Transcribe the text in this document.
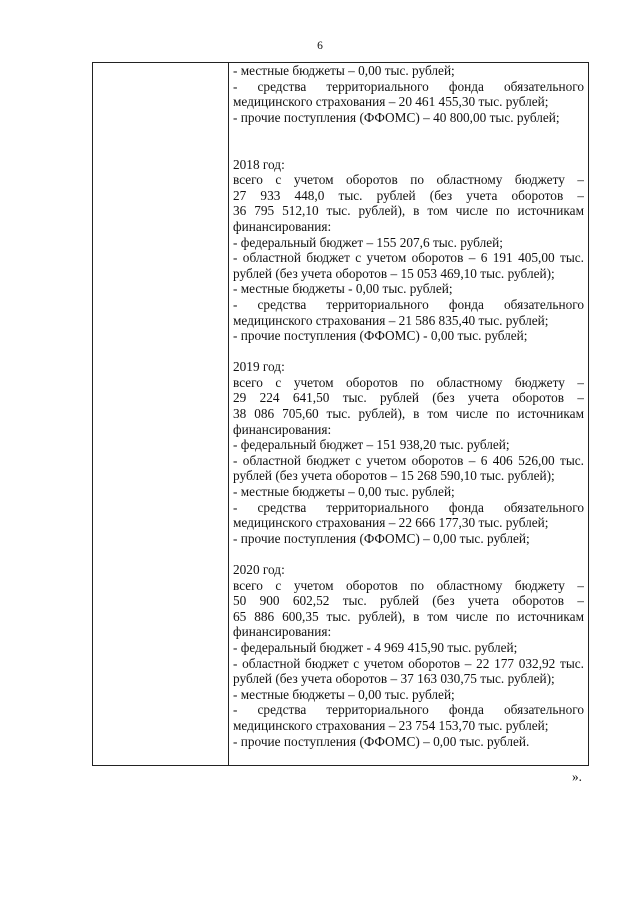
6
- местные бюджеты – 0,00 тыс. рублей;
- средства территориального фонда обязательного
медицинского страхования – 20 461 455,30 тыс. рублей;
- прочие поступления (ФФОМС) – 40 800,00 тыс. рублей;
2018 год:
всего с учетом оборотов по областному бюджету –
27 933 448,0 тыс. рублей (без учета оборотов –
36 795 512,10 тыс. рублей), в том числе по источникам
финансирования:
- федеральный бюджет – 155 207,6 тыс. рублей;
- областной бюджет с учетом оборотов – 6 191 405,00 тыс.
рублей (без учета оборотов – 15 053 469,10 тыс. рублей);
- местные бюджеты - 0,00 тыс. рублей;
- средства территориального фонда обязательного
медицинского страхования – 21 586 835,40 тыс. рублей;
- прочие поступления (ФФОМС) - 0,00 тыс. рублей;
2019 год:
всего с учетом оборотов по областному бюджету –
29 224 641,50 тыс. рублей (без учета оборотов –
38 086 705,60 тыс. рублей), в том числе по источникам
финансирования:
- федеральный бюджет – 151 938,20 тыс. рублей;
- областной бюджет с учетом оборотов – 6 406 526,00 тыс.
рублей (без учета оборотов – 15 268 590,10 тыс. рублей);
- местные бюджеты – 0,00 тыс. рублей;
- средства территориального фонда обязательного
медицинского страхования – 22 666 177,30 тыс. рублей;
- прочие поступления (ФФОМС) – 0,00 тыс. рублей;
2020 год:
всего с учетом оборотов по областному бюджету –
50 900 602,52 тыс. рублей (без учета оборотов –
65 886 600,35 тыс. рублей), в том числе по источникам
финансирования:
- федеральный бюджет - 4 969 415,90 тыс. рублей;
- областной бюджет с учетом оборотов – 22 177 032,92 тыс.
рублей (без учета оборотов – 37 163 030,75 тыс. рублей);
- местные бюджеты – 0,00 тыс. рублей;
- средства территориального фонда обязательного
медицинского страхования – 23 754 153,70 тыс. рублей;
- прочие поступления (ФФОМС) – 0,00 тыс. рублей.
».
